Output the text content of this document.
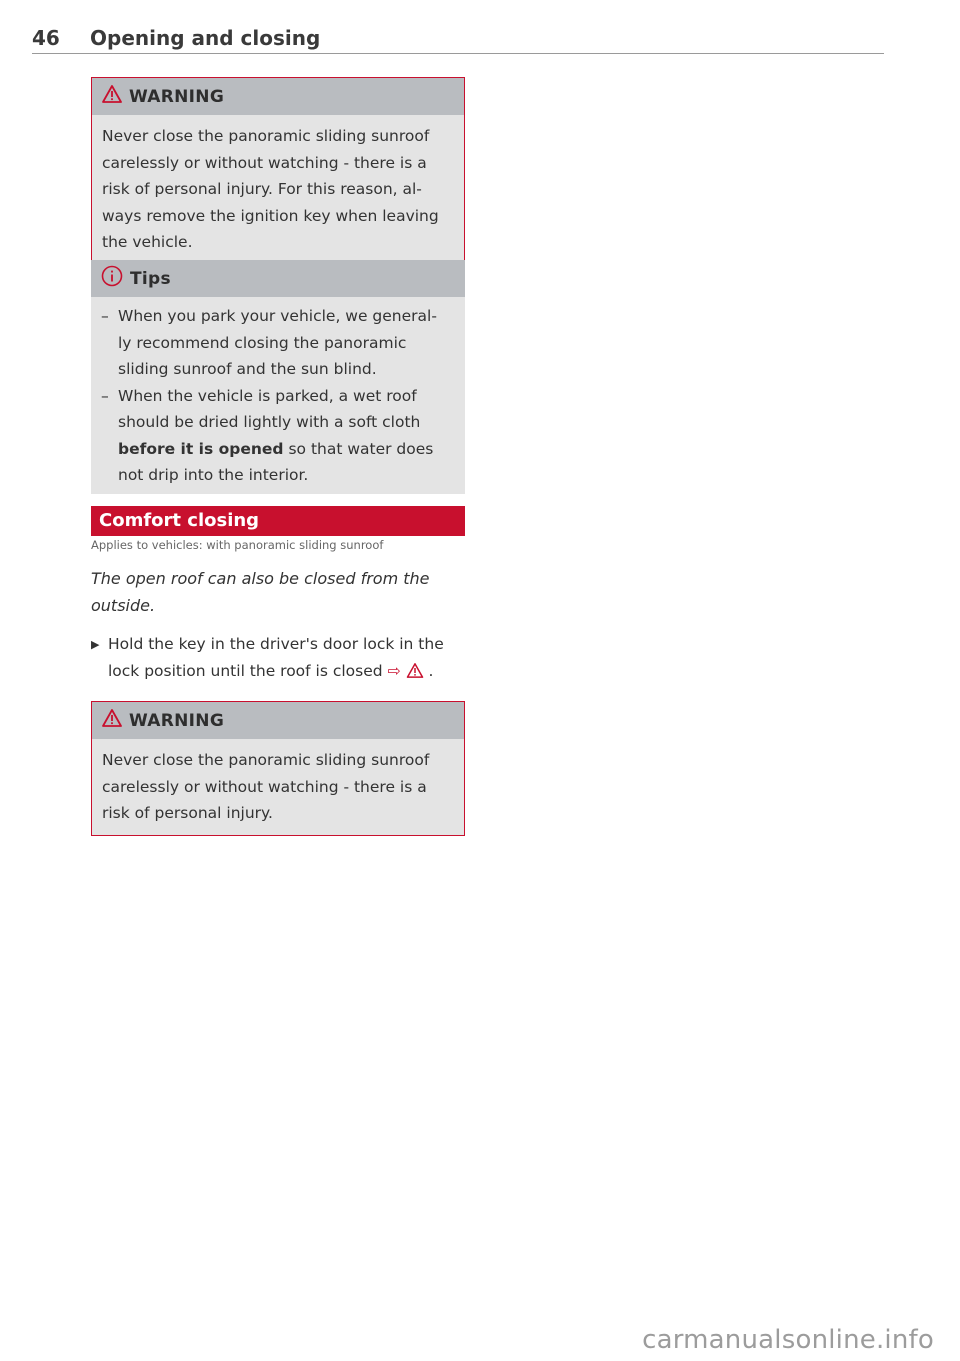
46 Opening and closing
WARNING
Never close the panoramic sliding sunroof carelessly or without watching - there is a risk of personal injury. For this reason, al- ways remove the ignition key when leaving the vehicle.
Tips
– When you park your vehicle, we general- ly recommend closing the panoramic sliding sunroof and the sun blind.
– When the vehicle is parked, a wet roof should be dried lightly with a soft cloth before it is opened so that water does not drip into the interior.
Comfort closing
Applies to vehicles: with panoramic sliding sunroof
The open roof can also be closed from the outside.
▶ Hold the key in the driver's door lock in the lock position until the roof is closed ⇨ .
WARNING
Never close the panoramic sliding sunroof carelessly or without watching - there is a risk of personal injury.
carmanualsonline.info
